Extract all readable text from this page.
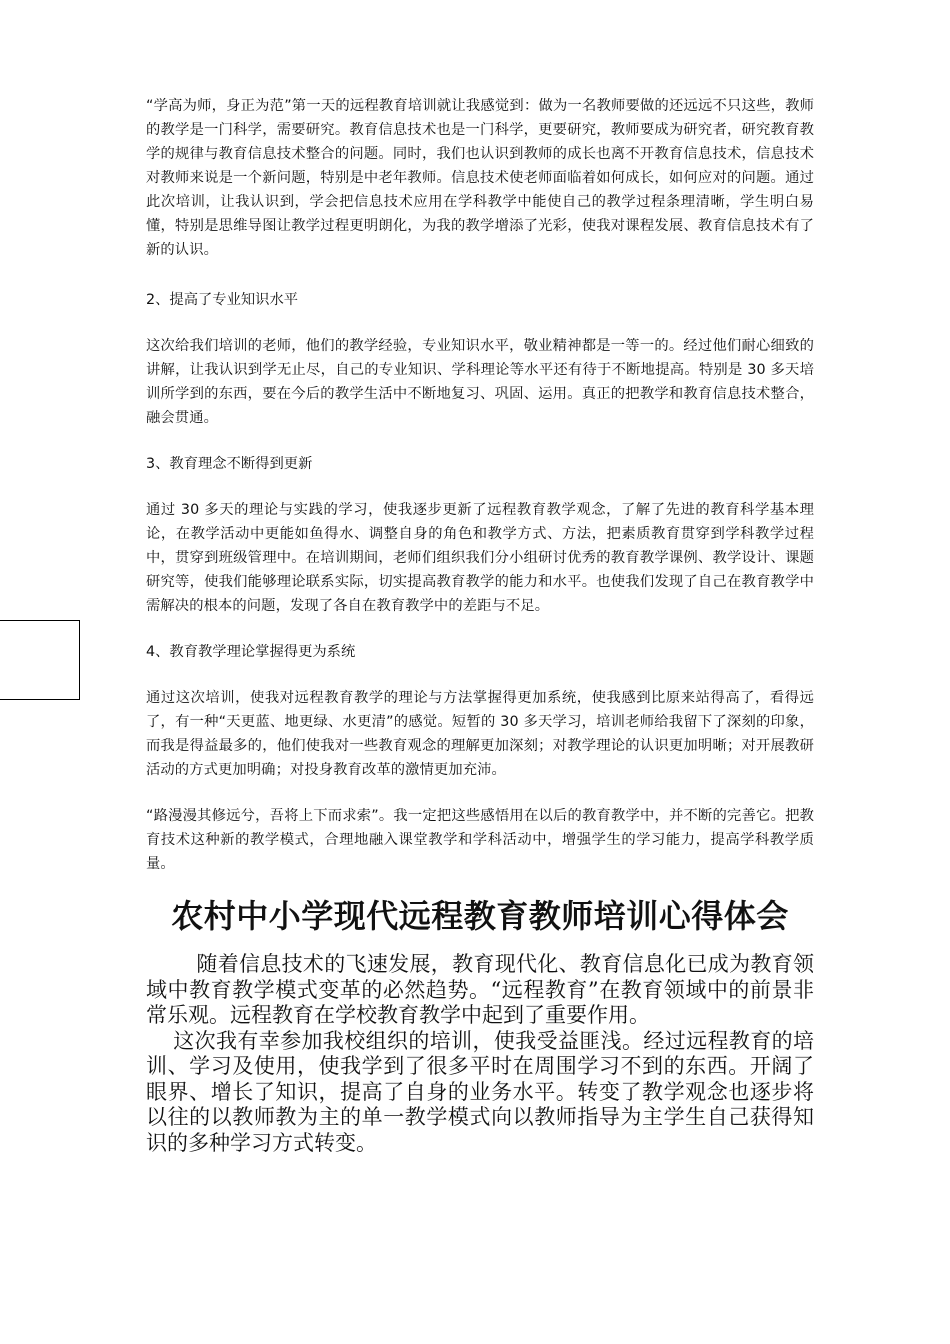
“学高为师，身正为范”第一天的远程教育培训就让我感觉到：做为一名教师要做的还远远不只这些，教师的教学是一门科学，需要研究。教育信息技术也是一门科学，更要研究，教师要成为研究者，研究教育教学的规律与教育信息技术整合的问题。同时，我们也认识到教师的成长也离不开教育信息技术，信息技术对教师来说是一个新问题，特别是中老年教师。信息技术使老师面临着如何成长，如何应对的问题。通过此次培训，让我认识到，学会把信息技术应用在学科教学中能使自己的教学过程条理清晰，学生明白易懂，特别是思维导图让教学过程更明朗化，为我的教学增添了光彩，使我对课程发展、教育信息技术有了新的认识。

2、提高了专业知识水平

这次给我们培训的老师，他们的教学经验，专业知识水平，敬业精神都是一等一的。经过他们耐心细致的讲解，让我认识到学无止尽，自己的专业知识、学科理论等水平还有待于不断地提高。特别是 30 多天培训所学到的东西，要在今后的教学生活中不断地复习、巩固、运用。真正的把教学和教育信息技术整合，融会贯通。

3、教育理念不断得到更新

通过 30 多天的理论与实践的学习，使我逐步更新了远程教育教学观念，了解了先进的教育科学基本理论，在教学活动中更能如鱼得水、调整自身的角色和教学方式、方法，把素质教育贯穿到学科教学过程中，贯穿到班级管理中。在培训期间，老师们组织我们分小组研讨优秀的教育教学课例、教学设计、课题研究等，使我们能够理论联系实际，切实提高教育教学的能力和水平。也使我们发现了自己在教育教学中需解决的根本的问题，发现了各自在教育教学中的差距与不足。

4、教育教学理论掌握得更为系统

通过这次培训，使我对远程教育教学的理论与方法掌握得更加系统，使我感到比原来站得高了，看得远了，有一种“天更蓝、地更绿、水更清”的感觉。短暂的 30 多天学习，培训老师给我留下了深刻的印象，而我是得益最多的，他们使我对一些教育观念的理解更加深刻；对教学理论的认识更加明晰；对开展教研活动的方式更加明确；对投身教育改革的激情更加充沛。

“路漫漫其修远兮，吾将上下而求索”。我一定把这些感悟用在以后的教育教学中，并不断的完善它。把教育技术这种新的教学模式，合理地融入课堂教学和学科活动中，增强学生的学习能力，提高学科教学质量。

农村中小学现代远程教育教师培训心得体会

随着信息技术的飞速发展，教育现代化、教育信息化已成为教育领域中教育教学模式变革的必然趋势。“远程教育”在教育领域中的前景非常乐观。远程教育在学校教育教学中起到了重要作用。

这次我有幸参加我校组织的培训，使我受益匪浅。经过远程教育的培训、学习及使用，使我学到了很多平时在周围学习不到的东西。开阔了眼界、增长了知识，提高了自身的业务水平。转变了教学观念也逐步将以往的以教师教为主的单一教学模式向以教师指导为主学生自己获得知识的多种学习方式转变。
